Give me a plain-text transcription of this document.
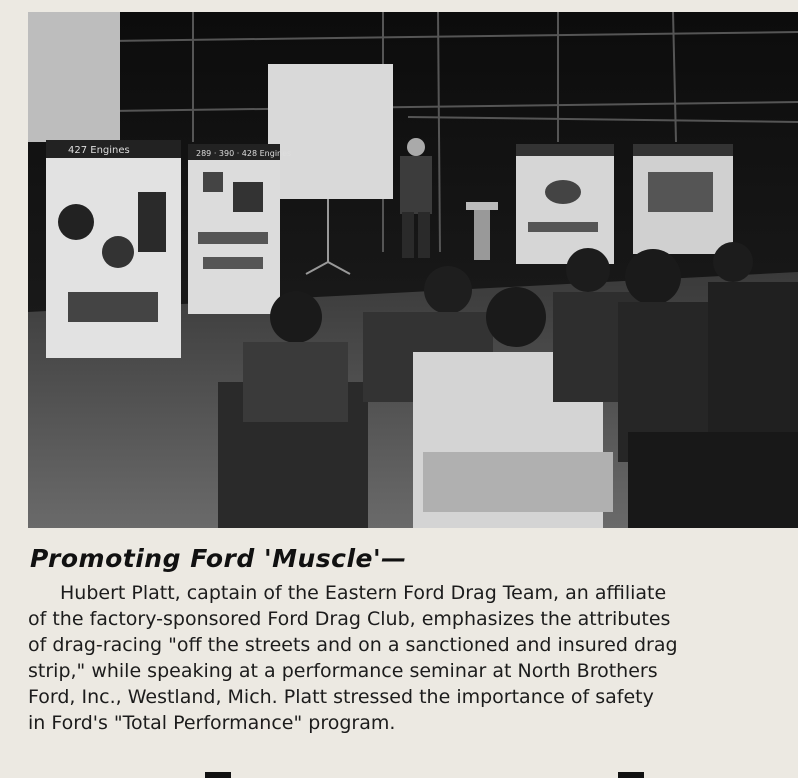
427 Engines	289 · 390 · 428 Engines
Promoting Ford 'Muscle'—
Hubert Platt, captain of the Eastern Ford Drag Team, an affiliate
of the factory-sponsored Ford Drag Club, emphasizes the attributes
of drag-racing "off the streets and on a sanctioned and insured drag
strip," while speaking at a performance seminar at North Brothers
Ford, Inc., Westland, Mich. Platt stressed the importance of safety
in Ford's "Total Performance" program.
